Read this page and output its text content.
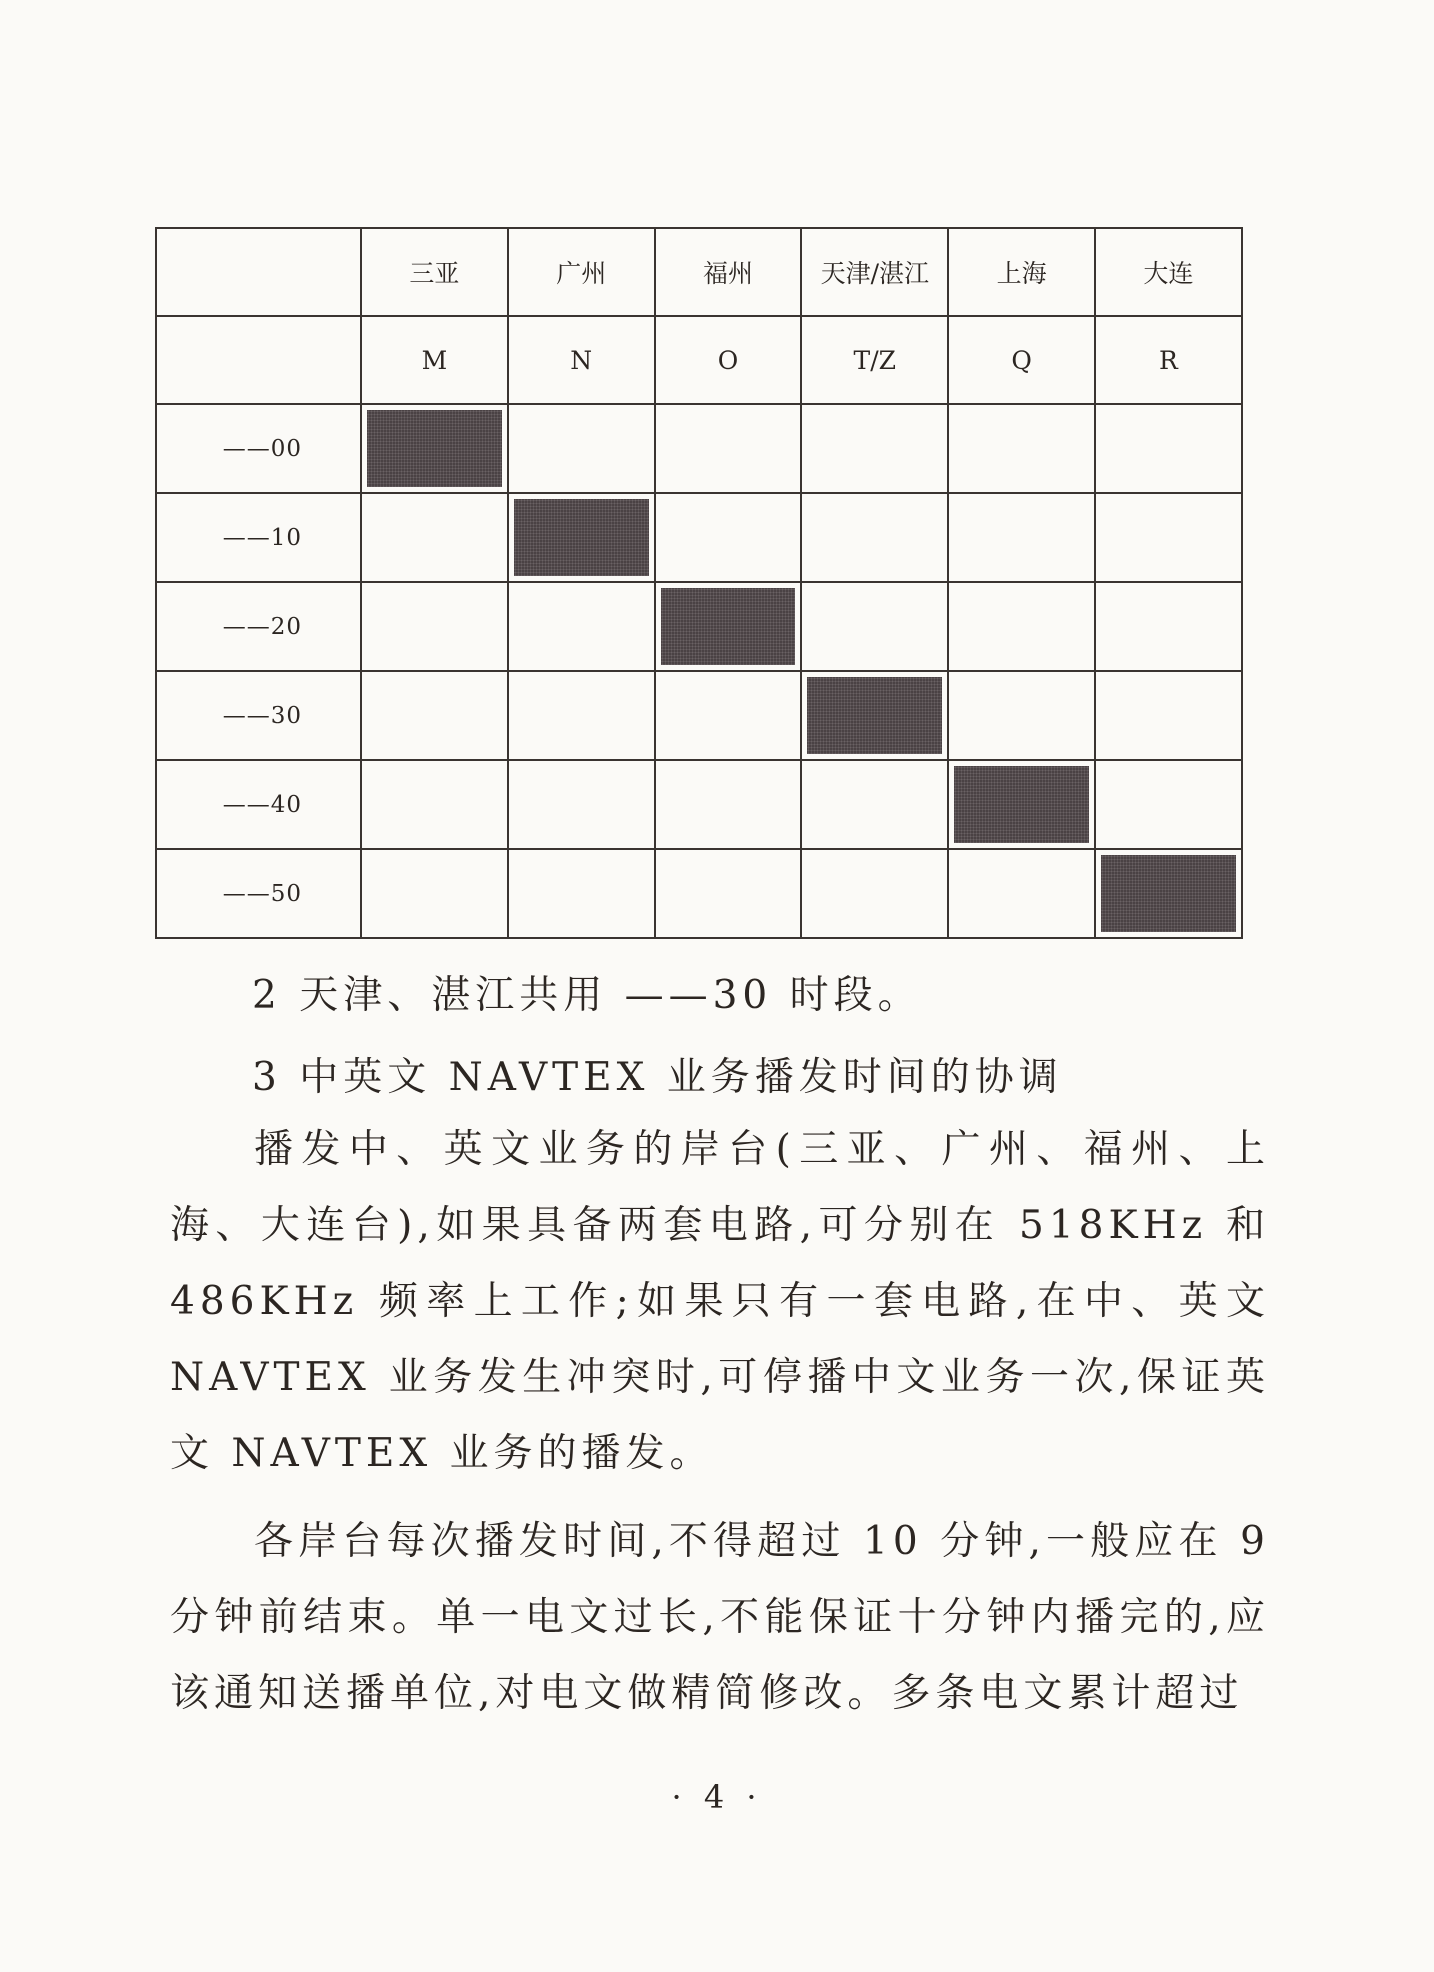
	三亚	广州	福州	天津/湛江	上海	大连
	M	N	O	T/Z	Q	R
——00						
——10						
——20						
——30						
——40						
——50						

2 天津、湛江共用 ——30 时段。

3 中英文 NAVTEX 业务播发时间的协调

播发中、英文业务的岸台(三亚、广州、福州、上海、大连台),如果具备两套电路,可分别在 518KHz 和 486KHz 频率上工作;如果只有一套电路,在中、英文 NAVTEX 业务发生冲突时,可停播中文业务一次,保证英文 NAVTEX 业务的播发。

各岸台每次播发时间,不得超过 10 分钟,一般应在 9 分钟前结束。单一电文过长,不能保证十分钟内播完的,应该通知送播单位,对电文做精简修改。多条电文累计超过

· 4 ·
